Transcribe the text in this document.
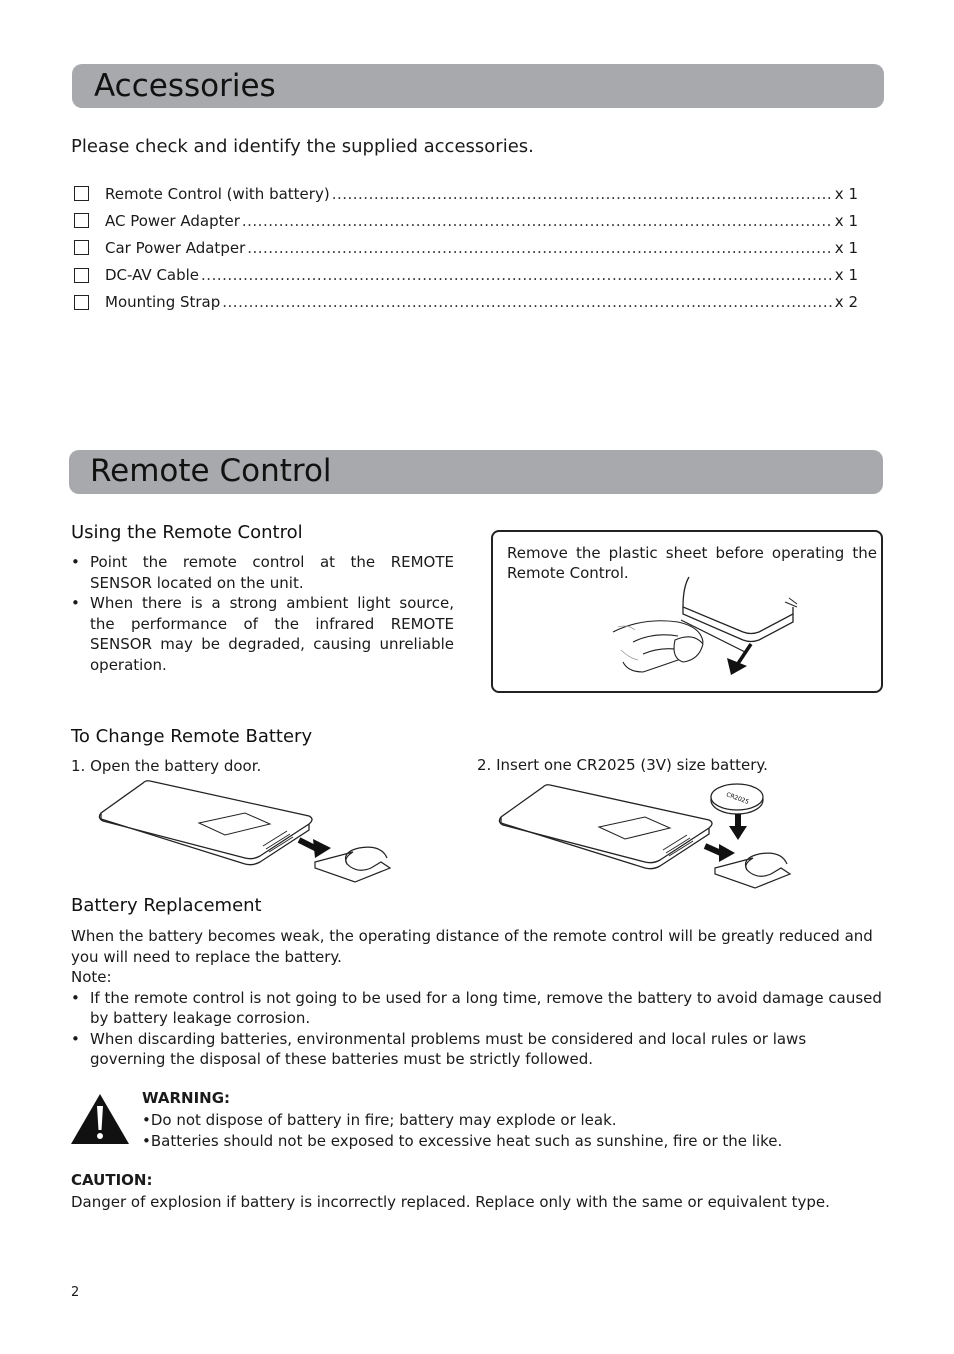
Accessories
Please check and identify the supplied accessories.
Remote Control (with battery) .....	x 1
AC Power Adapter .....	x 1
Car Power Adatper .....	x 1
DC-AV Cable .....	x 1
Mounting Strap .....	x 2
Remote Control
Using the Remote Control
• Point the remote control at the REMOTE SENSOR located on the unit.
• When there is a strong ambient light source, the performance of the infrared REMOTE SENSOR may be degraded, causing unreliable operation.
Remove the plastic sheet before operating the Remote Control.
To Change Remote Battery
1. Open the battery door.	2. Insert one CR2025 (3V) size battery.
CR2025
Battery Replacement
When the battery becomes weak, the operating distance of the remote control will be greatly reduced and you will need to replace the battery.
Note:
• If the remote control is not going to be used for a long time, remove the battery to avoid damage caused by battery leakage corrosion.
• When discarding batteries, environmental problems must be considered and local rules or laws governing the disposal of these batteries must be strictly followed.
WARNING:
•Do not dispose of battery in fire; battery may explode or leak.
•Batteries should not be exposed to excessive heat such as sunshine, fire or the like.
CAUTION:
Danger of explosion if battery is incorrectly replaced. Replace only with the same or equivalent type.
2
